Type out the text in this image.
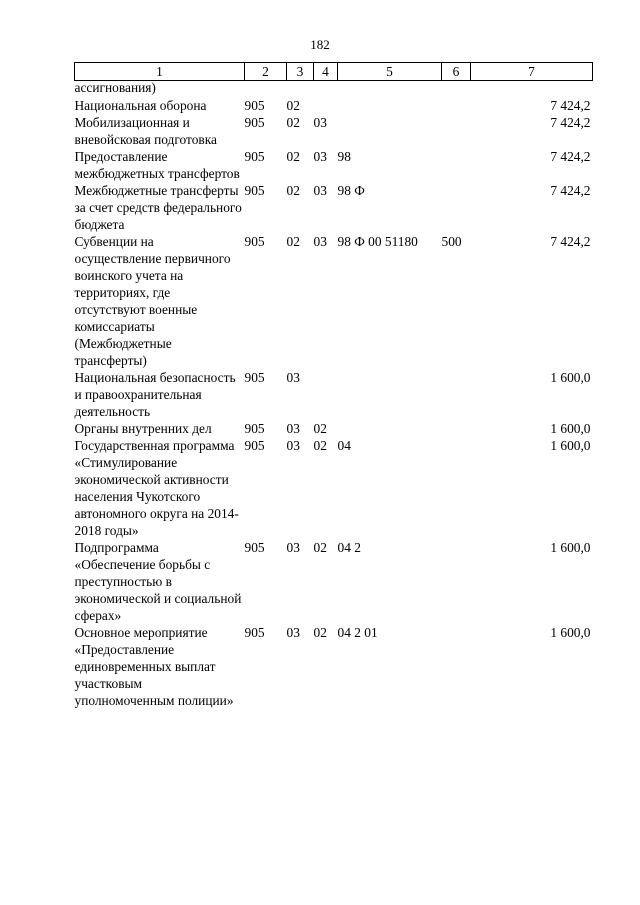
182
1	2	3	4	5	6	7
ассигнования)						
Национальная оборона	905	02				7 424,2
Мобилизационная и вневойсковая подготовка	905	02	03			7 424,2
Предоставление межбюджетных трансфертов	905	02	03	98		7 424,2
Межбюджетные трансферты за счет средств федерального бюджета	905	02	03	98 Ф		7 424,2
Субвенции на осуществление первичного воинского учета на территориях, где отсутствуют военные комиссариаты (Межбюджетные трансферты)	905	02	03	98 Ф 00 51180	500	7 424,2
Национальная безопасность и правоохранительная деятельность	905	03				1 600,0
Органы внутренних дел	905	03	02			1 600,0
Государственная программа «Стимулирование экономической активности населения Чукотского автономного округа на 2014-2018 годы»	905	03	02	04		1 600,0
Подпрограмма «Обеспечение борьбы с преступностью в экономической и социальной сферах»	905	03	02	04 2		1 600,0
Основное мероприятие «Предоставление единовременных выплат участковым уполномоченным полиции»	905	03	02	04 2 01		1 600,0
